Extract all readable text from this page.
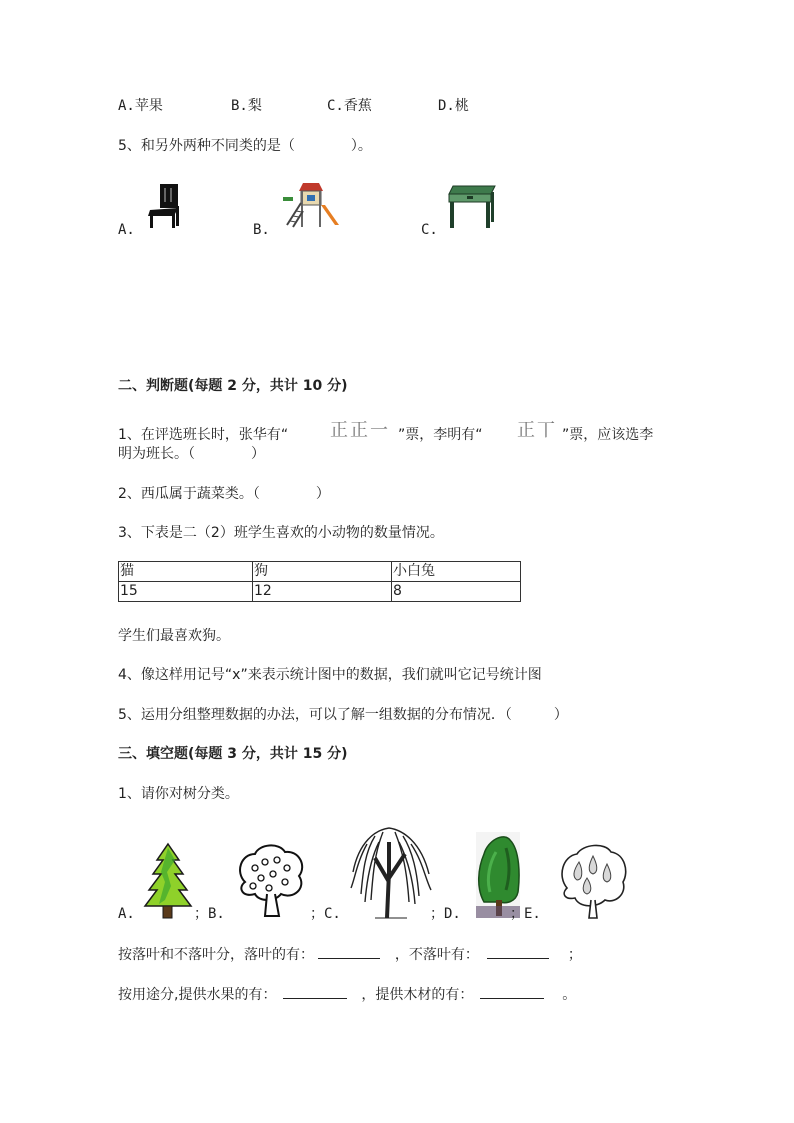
A.苹果	B.梨	C.香蕉	D.桃
5、和另外两种不同类的是（　　　　）。
A.	B.	C.
二、判断题(每题 2 分，共计 10 分)
1、在评选班长时，张华有“ 正正一 ”票，李明有“ 正丅 ”票，应该选李
明为班长。（　　　　）
2、西瓜属于蔬菜类。（　　　　）
3、下表是二（2）班学生喜欢的小动物的数量情况。
猫	狗	小白兔
15	12	8
学生们最喜欢狗。
4、像这样用记号“x”来表示统计图中的数据，我们就叫它记号统计图
5、运用分组整理数据的办法，可以了解一组数据的分布情况．（　　　）
三、填空题(每题 3 分，共计 15 分)
1、请你对树分类。
A.	；B.	；C.	；D.	；E.
按落叶和不落叶分，落叶的有：	，不落叶有：	；
按用途分,提供水果的有：	，提供木材的有：	。
